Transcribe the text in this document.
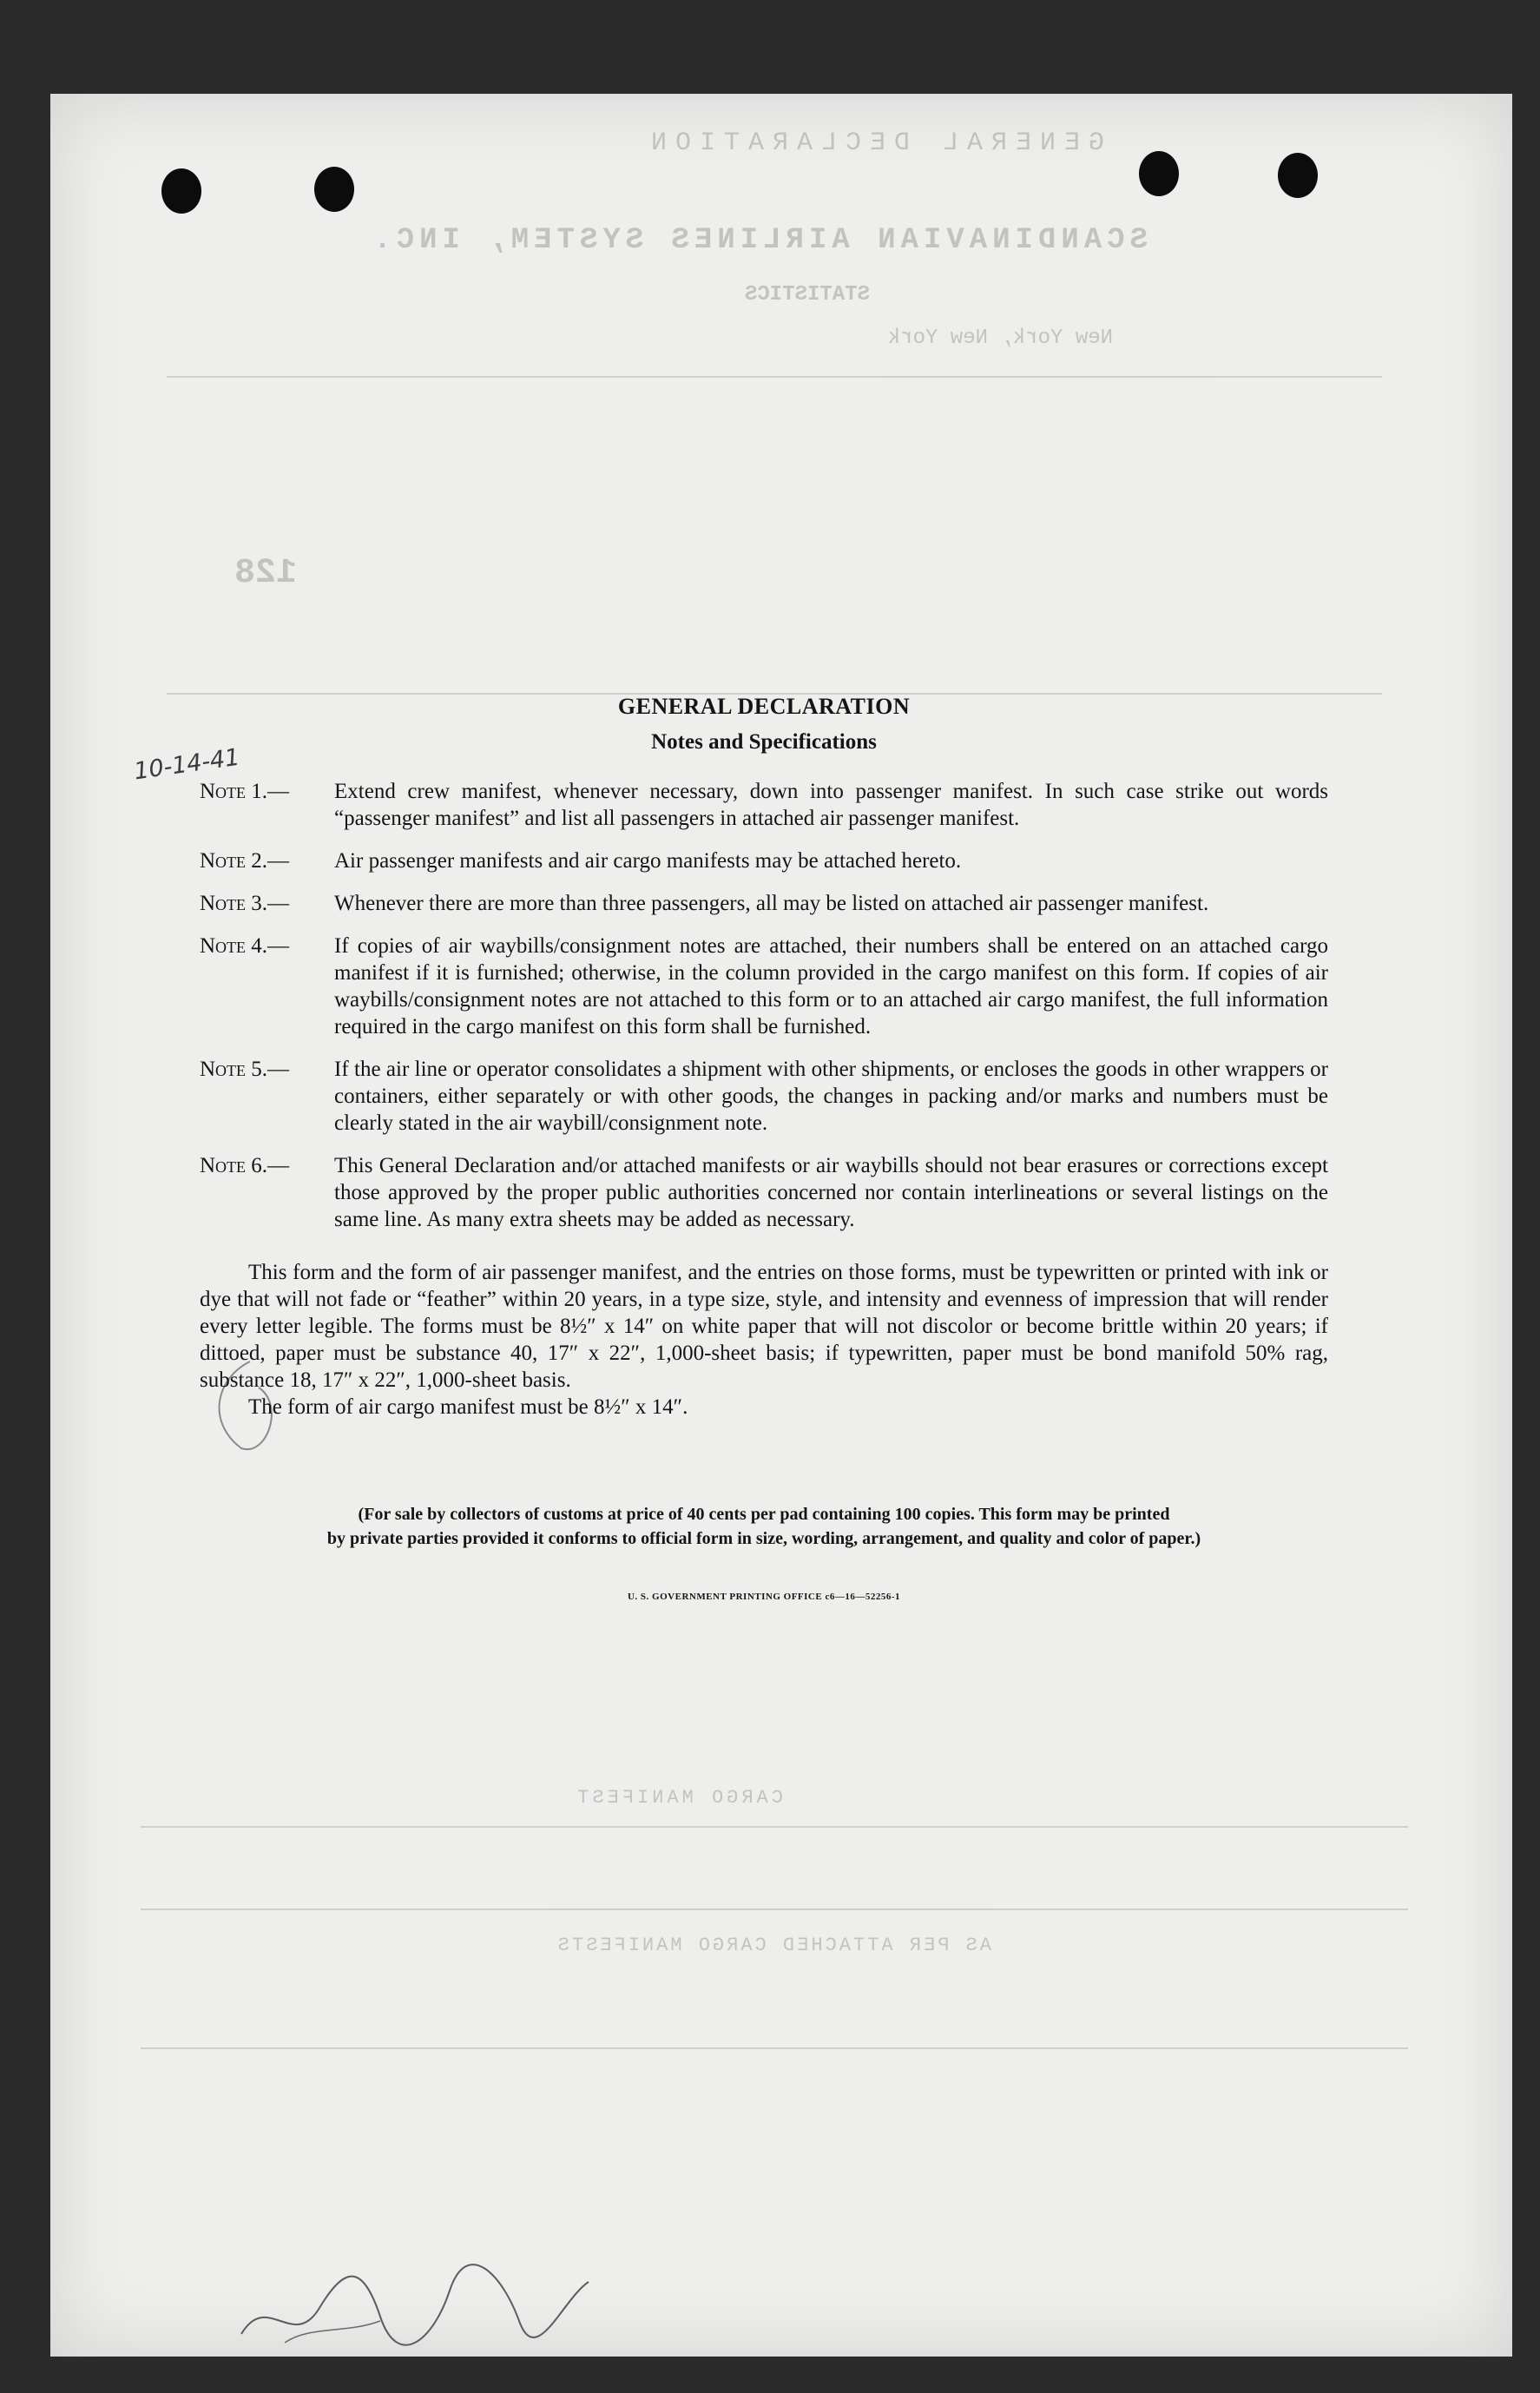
GENERAL DECLARATION
SCANDINAVIAN AIRLINES SYSTEM, INC.
STATISTICS
New York, New York
128
CARGO MANIFEST
AS PER ATTACHED CARGO MANIFESTS
10-14-41
GENERAL DECLARATION
Notes and Specifications
Note 1.—	Extend crew manifest, whenever necessary, down into passenger manifest. In such case strike out words “passenger manifest” and list all passengers in attached air passenger manifest.
Note 2.—	Air passenger manifests and air cargo manifests may be attached hereto.
Note 3.—	Whenever there are more than three passengers, all may be listed on attached air passenger manifest.
Note 4.—	If copies of air waybills/consignment notes are attached, their numbers shall be entered on an attached cargo manifest if it is furnished; otherwise, in the column provided in the cargo manifest on this form. If copies of air waybills/consignment notes are not attached to this form or to an attached air cargo manifest, the full information required in the cargo manifest on this form shall be furnished.
Note 5.—	If the air line or operator consolidates a shipment with other shipments, or encloses the goods in other wrappers or containers, either separately or with other goods, the changes in packing and/or marks and numbers must be clearly stated in the air waybill/consignment note.
Note 6.—	This General Declaration and/or attached manifests or air waybills should not bear erasures or corrections except those approved by the proper public authorities concerned nor contain interlineations or several listings on the same line. As many extra sheets may be added as necessary.
This form and the form of air passenger manifest, and the entries on those forms, must be typewritten or printed with ink or dye that will not fade or “feather” within 20 years, in a type size, style, and intensity and evenness of impression that will render every letter legible. The forms must be 8½″ x 14″ on white paper that will not discolor or become brittle within 20 years; if dittoed, paper must be substance 40, 17″ x 22″, 1,000-sheet basis; if typewritten, paper must be bond manifold 50% rag, substance 18, 17″ x 22″, 1,000-sheet basis.
The form of air cargo manifest must be 8½″ x 14″.
(For sale by collectors of customs at price of 40 cents per pad containing 100 copies. This form may be printed
by private parties provided it conforms to official form in size, wording, arrangement, and quality and color of paper.)
U. S. GOVERNMENT PRINTING OFFICE c6—16—52256-1
